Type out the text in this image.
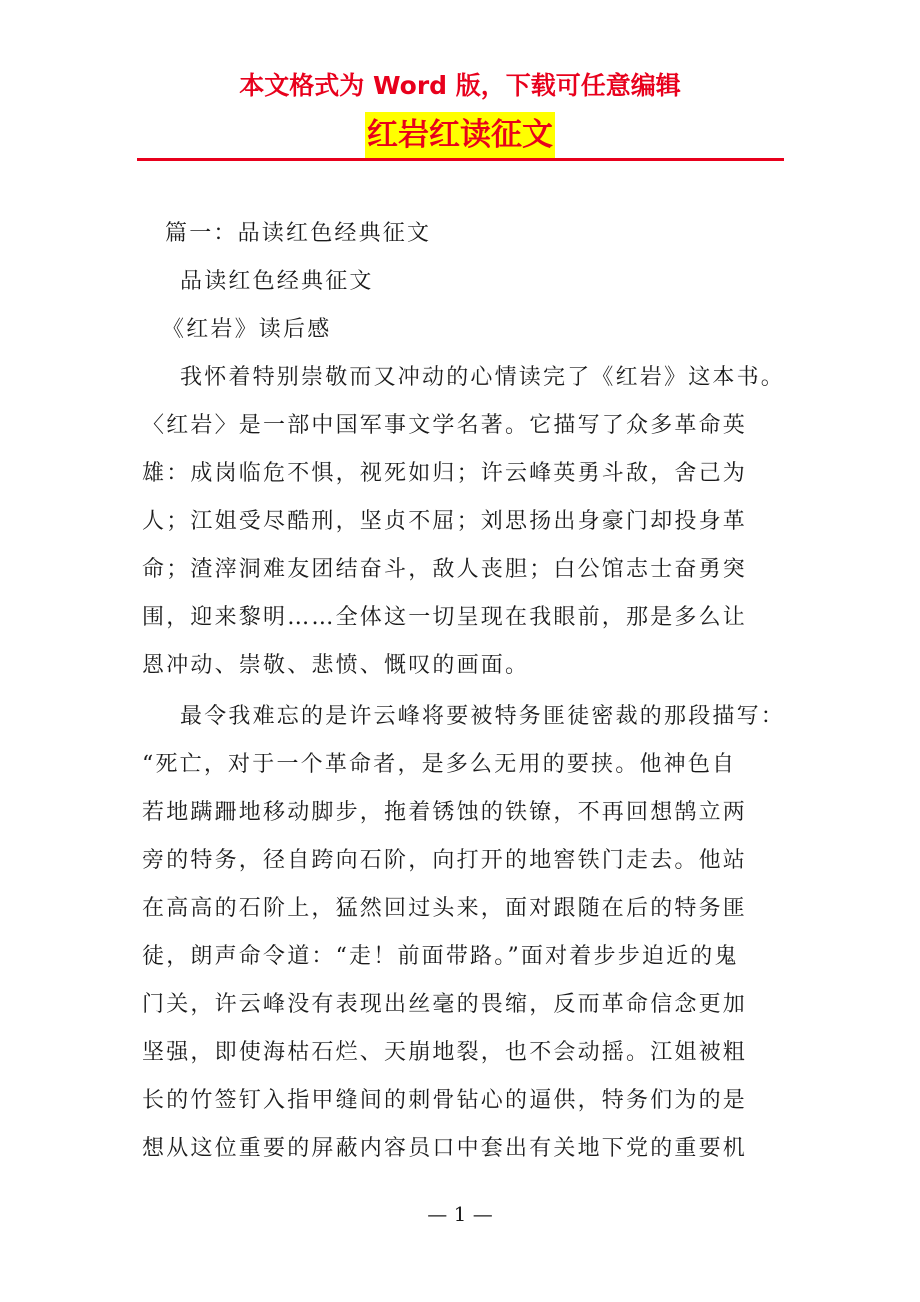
本文格式为 Word 版，下载可任意编辑
红岩红读征文
篇一：品读红色经典征文
品读红色经典征文
《红岩》读后感
我怀着特别崇敬而又冲动的心情读完了《红岩》这本书。
〈红岩〉是一部中国军事文学名著。它描写了众多革命英
雄：成岗临危不惧，视死如归；许云峰英勇斗敌，舍己为
人；江姐受尽酷刑，坚贞不屈；刘思扬出身豪门却投身革
命；渣滓洞难友团结奋斗，敌人丧胆；白公馆志士奋勇突
围，迎来黎明……全体这一切呈现在我眼前，那是多么让
恩冲动、崇敬、悲愤、慨叹的画面。
最令我难忘的是许云峰将要被特务匪徒密裁的那段描写：
“死亡，对于一个革命者，是多么无用的要挟。他神色自
若地蹒跚地移动脚步，拖着锈蚀的铁镣，不再回想鹄立两
旁的特务，径自跨向石阶，向打开的地窖铁门走去。他站
在高高的石阶上，猛然回过头来，面对跟随在后的特务匪
徒，朗声命令道：“走！前面带路。”面对着步步迫近的鬼
门关，许云峰没有表现出丝毫的畏缩，反而革命信念更加
坚强，即使海枯石烂、天崩地裂，也不会动摇。江姐被粗
长的竹签钉入指甲缝间的刺骨钻心的逼供，特务们为的是
想从这位重要的屏蔽内容员口中套出有关地下党的重要机
— 1 —
